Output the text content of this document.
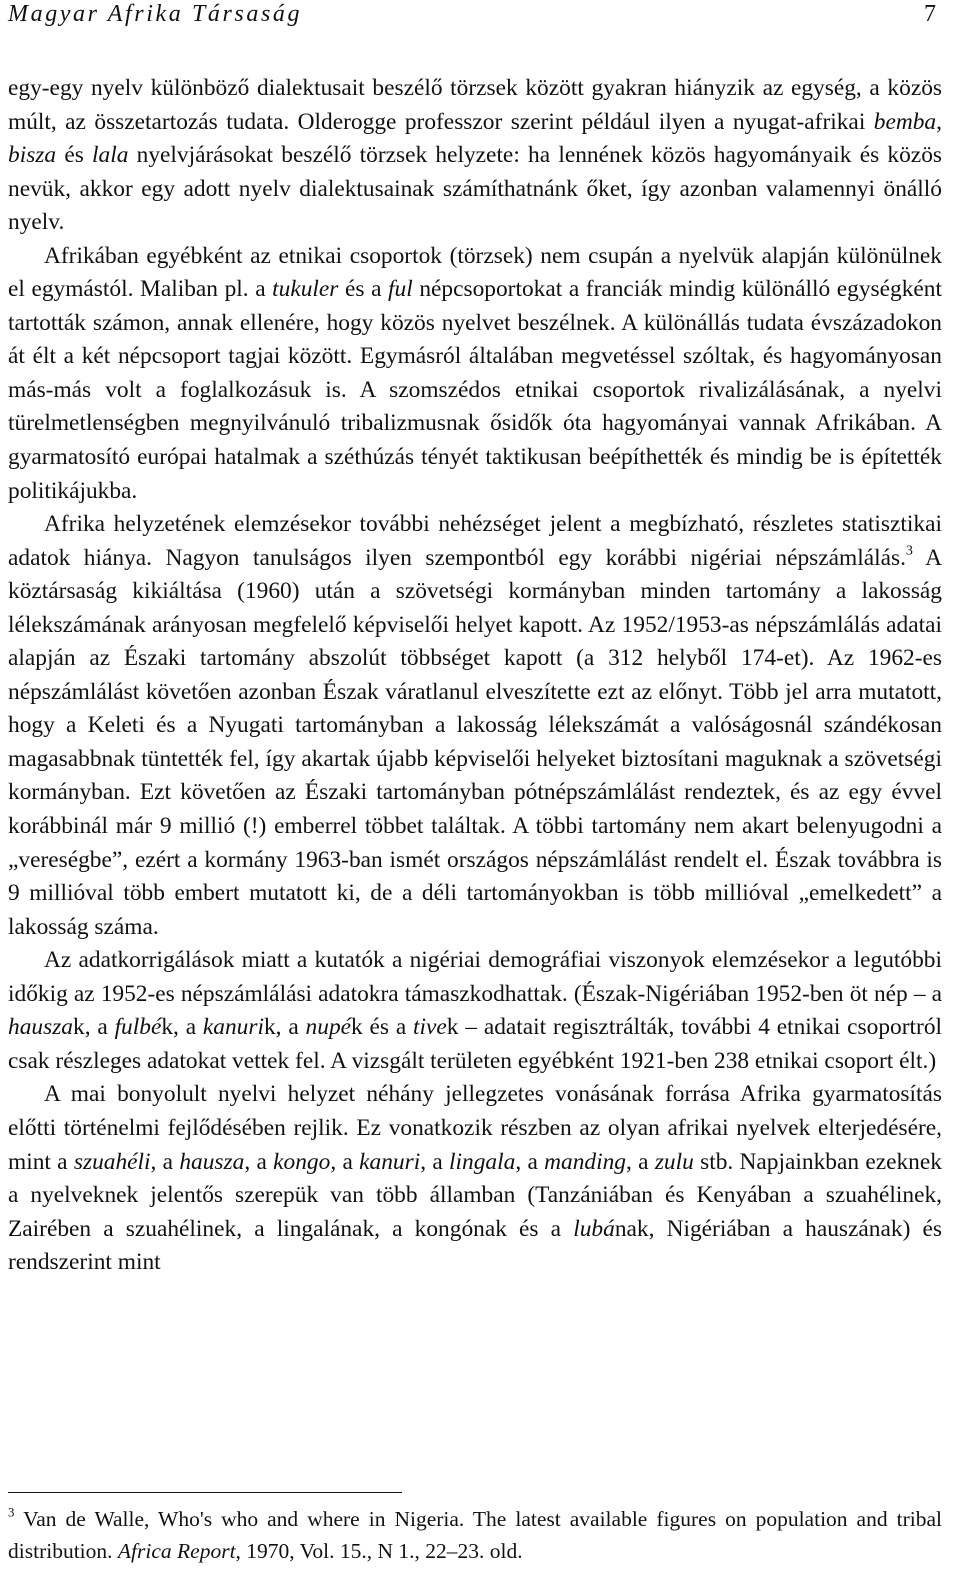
Magyar Afrika Társaság	7

egy-egy nyelv különböző dialektusait beszélő törzsek között gyakran hiányzik az egység, a közös múlt, az összetartozás tudata. Olderogge professzor szerint például ilyen a nyugat-afrikai bemba, bisza és lala nyelvjárásokat beszélő törzsek helyzete: ha lennének közös hagyományaik és közös nevük, akkor egy adott nyelv dialektusainak számíthatnánk őket, így azonban valamennyi önálló nyelv.

Afrikában egyébként az etnikai csoportok (törzsek) nem csupán a nyelvük alapján különülnek el egymástól. Maliban pl. a tukuler és a ful népcsoportokat a franciák mindig különálló egységként tartották számon, annak ellenére, hogy közös nyelvet beszélnek. A különállás tudata évszázadokon át élt a két népcsoport tagjai között. Egymásról általában megvetéssel szóltak, és hagyományosan más-más volt a foglalkozásuk is. A szomszédos etnikai csoportok rivalizálásának, a nyelvi türelmetlenségben megnyilvánuló tribalizmusnak ősidők óta hagyományai vannak Afrikában. A gyarmatosító európai hatalmak a széthúzás tényét taktikusan beépíthették és mindig be is építették politikájukba.

Afrika helyzetének elemzésekor további nehézséget jelent a megbízható, részletes statisztikai adatok hiánya. Nagyon tanulságos ilyen szempontból egy korábbi nigériai népszámlálás.$^3$ A köztársaság kikiáltása (1960) után a szövetségi kormányban minden tartomány a lakosság lélekszámának arányosan megfelelő képviselői helyet kapott. Az 1952/1953-as népszámlálás adatai alapján az Északi tartomány abszolút többséget kapott (a 312 helyből 174-et). Az 1962-es népszámlálást követően azonban Észak váratlanul elveszítette ezt az előnyt. Több jel arra mutatott, hogy a Keleti és a Nyugati tartományban a lakosság lélekszámát a valóságosnál szándékosan magasabbnak tüntették fel, így akartak újabb képviselői helyeket biztosítani maguknak a szövetségi kormányban. Ezt követően az Északi tartományban pótnépszámlálást rendeztek, és az egy évvel korábbinál már 9 millió (!) emberrel többet találtak. A többi tartomány nem akart belenyugodni a „vereségbe”, ezért a kormány 1963-ban ismét országos népszámlálást rendelt el. Észak továbbra is 9 millióval több embert mutatott ki, de a déli tartományokban is több millióval „emelkedett” a lakosság száma.

Az adatkorrigálások miatt a kutatók a nigériai demográfiai viszonyok elemzésekor a legutóbbi időkig az 1952-es népszámlálási adatokra támaszkodhattak. (Észak-Nigériában 1952-ben öt nép – a hauszak, a fulbék, a kanurik, a nupék és a tivek – adatait regisztrálták, további 4 etnikai csoportról csak részleges adatokat vettek fel. A vizsgált területen egyébként 1921-ben 238 etnikai csoport élt.)

A mai bonyolult nyelvi helyzet néhány jellegzetes vonásának forrása Afrika gyarmatosítás előtti történelmi fejlődésében rejlik. Ez vonatkozik részben az olyan afrikai nyelvek elterjedésére, mint a szuahéli, a hausza, a kongo, a kanuri, a lingala, a manding, a zulu stb. Napjainkban ezeknek a nyelveknek jelentős szerepük van több államban (Tanzániában és Kenyában a szuahélinek, Zairében a szuahélinek, a lingalának, a kongónak és a lubának, Nigériában a hauszának) és rendszerint mint

$^3$ Van de Walle, Who's who and where in Nigeria. The latest available figures on population and tribal distribution. Africa Report, 1970, Vol. 15., N 1., 22–23. old.
